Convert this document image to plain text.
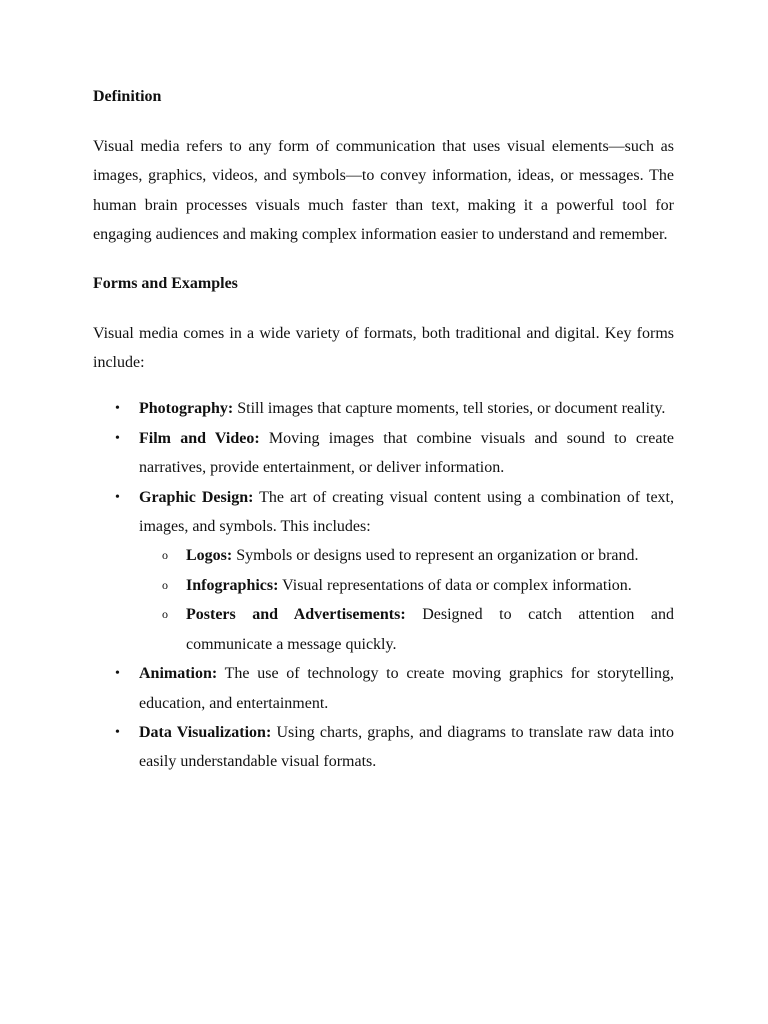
Definition

Visual media refers to any form of communication that uses visual elements—such as images, graphics, videos, and symbols—to convey information, ideas, or messages. The human brain processes visuals much faster than text, making it a powerful tool for engaging audiences and making complex information easier to understand and remember.

Forms and Examples

Visual media comes in a wide variety of formats, both traditional and digital. Key forms include:

• Photography: Still images that capture moments, tell stories, or document reality.
• Film and Video: Moving images that combine visuals and sound to create narratives, provide entertainment, or deliver information.
• Graphic Design: The art of creating visual content using a combination of text, images, and symbols. This includes:
o Logos: Symbols or designs used to represent an organization or brand.
o Infographics: Visual representations of data or complex information.
o Posters and Advertisements: Designed to catch attention and communicate a message quickly.
• Animation: The use of technology to create moving graphics for storytelling, education, and entertainment.
• Data Visualization: Using charts, graphs, and diagrams to translate raw data into easily understandable visual formats.
